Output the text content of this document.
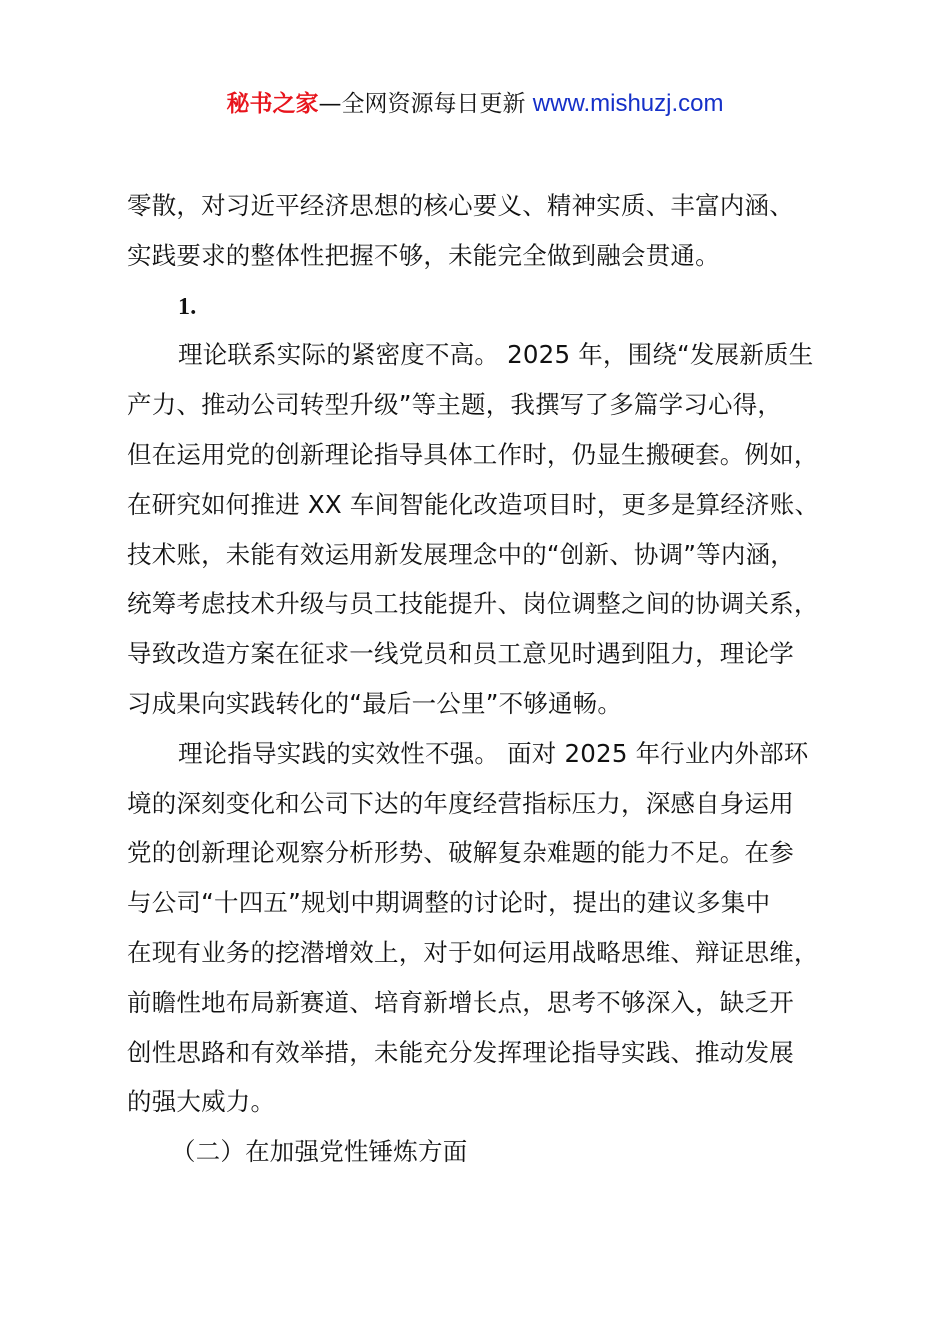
秘书之家—全网资源每日更新 www.mishuzj.com
零散，对习近平经济思想的核心要义、精神实质、丰富内涵、
实践要求的整体性把握不够，未能完全做到融会贯通。
1.
理论联系实际的紧密度不高。 2025 年，围绕“发展新质生
产力、推动公司转型升级”等主题，我撰写了多篇学习心得，
但在运用党的创新理论指导具体工作时，仍显生搬硬套。例如，
在研究如何推进 XX 车间智能化改造项目时，更多是算经济账、
技术账，未能有效运用新发展理念中的“创新、协调”等内涵，
统筹考虑技术升级与员工技能提升、岗位调整之间的协调关系，
导致改造方案在征求一线党员和员工意见时遇到阻力，理论学
习成果向实践转化的“最后一公里”不够通畅。
理论指导实践的实效性不强。 面对 2025 年行业内外部环
境的深刻变化和公司下达的年度经营指标压力，深感自身运用
党的创新理论观察分析形势、破解复杂难题的能力不足。在参
与公司“十四五”规划中期调整的讨论时，提出的建议多集中
在现有业务的挖潜增效上，对于如何运用战略思维、辩证思维，
前瞻性地布局新赛道、培育新增长点，思考不够深入，缺乏开
创性思路和有效举措，未能充分发挥理论指导实践、推动发展
的强大威力。
（二）在加强党性锤炼方面
